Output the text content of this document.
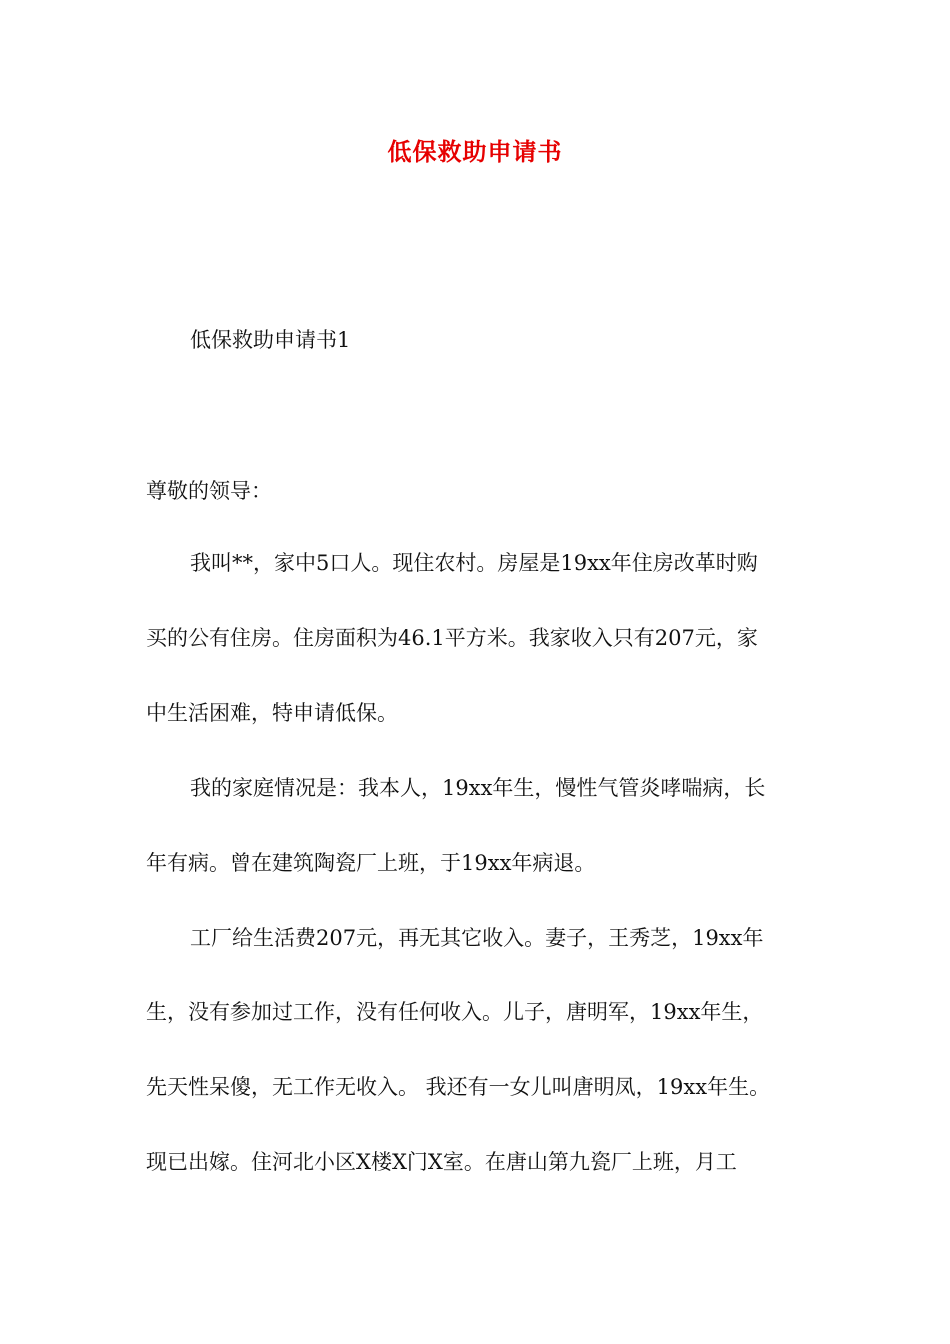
低保救助申请书
低保救助申请书1
尊敬的领导：
我叫**，家中5口人。现住农村。房屋是19xx年住房改革时购
买的公有住房。住房面积为46.1平方米。我家收入只有207元，家
中生活困难，特申请低保。
我的家庭情况是：我本人，19xx年生，慢性气管炎哮喘病，长
年有病。曾在建筑陶瓷厂上班，于19xx年病退。
工厂给生活费207元，再无其它收入。妻子，王秀芝，19xx年
生，没有参加过工作，没有任何收入。儿子，唐明军，19xx年生，
先天性呆傻，无工作无收入。 我还有一女儿叫唐明凤，19xx年生。
现已出嫁。住河北小区X楼X门X室。在唐山第九瓷厂上班，月工
